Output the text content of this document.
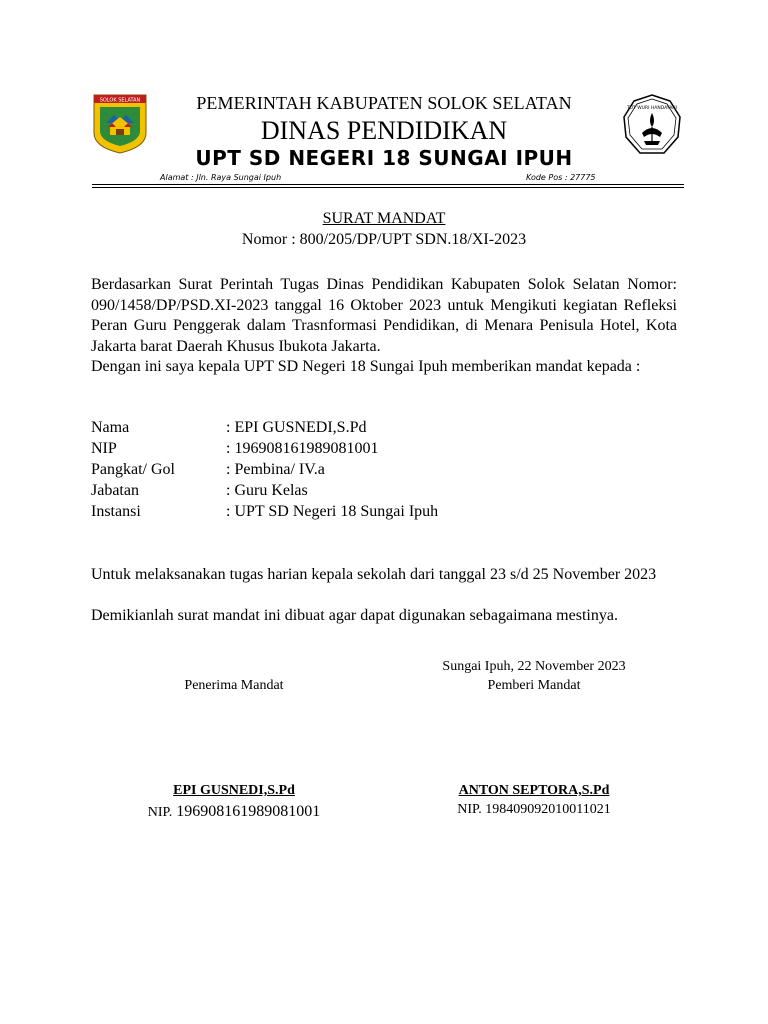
SOLOK SELATAN
TUT WURI HANDAYANI
PEMERINTAH KABUPATEN SOLOK SELATAN
DINAS PENDIDIKAN
UPT SD NEGERI 18 SUNGAI IPUH
Alamat : Jln. Raya Sungai Ipuh	Kode Pos : 27775
SURAT MANDAT
Nomor : 800/205/DP/UPT SDN.18/XI-2023
Berdasarkan Surat Perintah Tugas Dinas Pendidikan Kabupaten Solok Selatan Nomor: 090/1458/DP/PSD.XI-2023 tanggal 16 Oktober 2023 untuk Mengikuti kegiatan Refleksi Peran Guru Penggerak dalam Trasnformasi Pendidikan, di Menara Penisula Hotel, Kota Jakarta barat Daerah Khusus Ibukota Jakarta.
Dengan ini saya kepala UPT SD Negeri 18 Sungai Ipuh memberikan mandat kepada :
Nama	: EPI GUSNEDI,S.Pd
NIP	: 196908161989081001
Pangkat/ Gol	: Pembina/ IV.a
Jabatan	: Guru Kelas
Instansi	: UPT SD Negeri 18 Sungai Ipuh
Untuk melaksanakan tugas harian kepala sekolah dari tanggal 23 s/d 25 November 2023
Demikianlah surat mandat ini dibuat agar dapat digunakan sebagaimana mestinya.
Sungai Ipuh, 22 November 2023
Pemberi Mandat
Penerima Mandat
EPI GUSNEDI,S.Pd
NIP. 196908161989081001
ANTON SEPTORA,S.Pd
NIP. 198409092010011021
